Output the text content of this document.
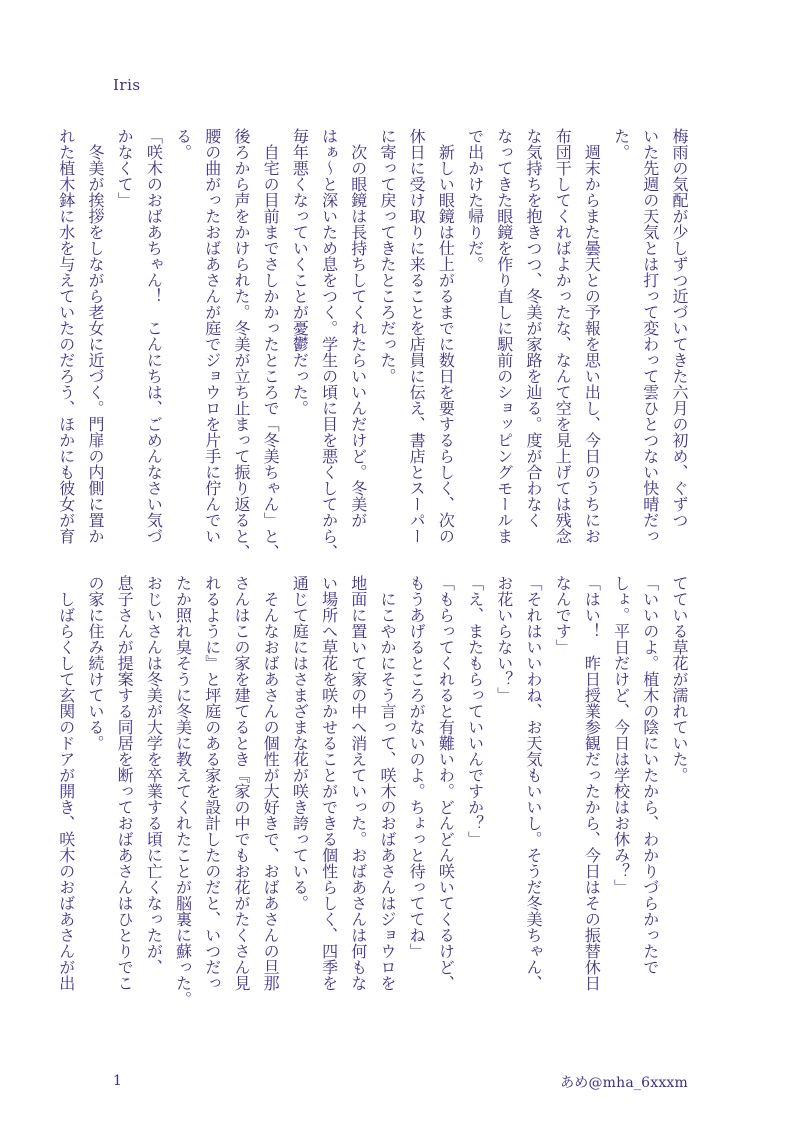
Iris

梅雨の気配が少しずつ近づいてきた六月の初め、ぐずつ
いた先週の天気とは打って変わって雲ひとつない快晴だっ
た。

　週末からまた曇天との予報を思い出し、今日のうちにお
布団干してくればよかったな、なんて空を見上げては残念
な気持ちを抱きつつ、冬美が家路を辿る。度が合わなく
なってきた眼鏡を作り直しに駅前のショッピングモールま
で出かけた帰りだ。

　新しい眼鏡は仕上がるまでに数日を要するらしく、次の
休日に受け取りに来ることを店員に伝え、書店とスーパー
に寄って戻ってきたところだった。

　次の眼鏡は長持ちしてくれたらいいんだけど。冬美が
はぁ～と深いため息をつく。学生の頃に目を悪くしてから、
毎年悪くなっていくことが憂鬱だった。

　自宅の目前までさしかかったところで「冬美ちゃん」と、
後ろから声をかけられた。冬美が立ち止まって振り返ると、
腰の曲がったおばあさんが庭でジョウロを片手に佇んでい
る。

「咲木のおばあちゃん！　こんにちは、ごめんなさい気づ
かなくて」

　冬美が挨拶をしながら老女に近づく。門扉の内側に置か
れた植木鉢に水を与えていたのだろう、ほかにも彼女が育

てている草花が濡れていた。

「いいのよ。植木の陰にいたから、わかりづらかったで
しょ。平日だけど、今日は学校はお休み？」

「はい！　昨日授業参観だったから、今日はその振替休日
なんです」

「それはいいわね、お天気もいいし。そうだ冬美ちゃん、
お花いらない？」

「え、またもらっていいんですか？」

「もらってくれると有難いわ。どんどん咲いてくるけど、
もうあげるところがないのよ。ちょっと待っててね」

　にこやかにそう言って、咲木のおばあさんはジョウロを
地面に置いて家の中へ消えていった。おばあさんは何もな
い場所へ草花を咲かせることができる個性らしく、四季を
通じて庭にはさまざまな花が咲き誇っている。

　そんなおばあさんの個性が大好きで、おばあさんの旦那
さんはこの家を建てるとき『家の中でもお花がたくさん見
れるように』と坪庭のある家を設計したのだと、いつだっ
たか照れ臭そうに冬美に教えてくれたことが脳裏に蘇った。
おじいさんは冬美が大学を卒業する頃に亡くなったが、
息子さんが提案する同居を断っておばあさんはひとりでこ
の家に住み続けている。

　しばらくして玄関のドアが開き、咲木のおばあさんが出

1	あめ@mha_6xxxm
